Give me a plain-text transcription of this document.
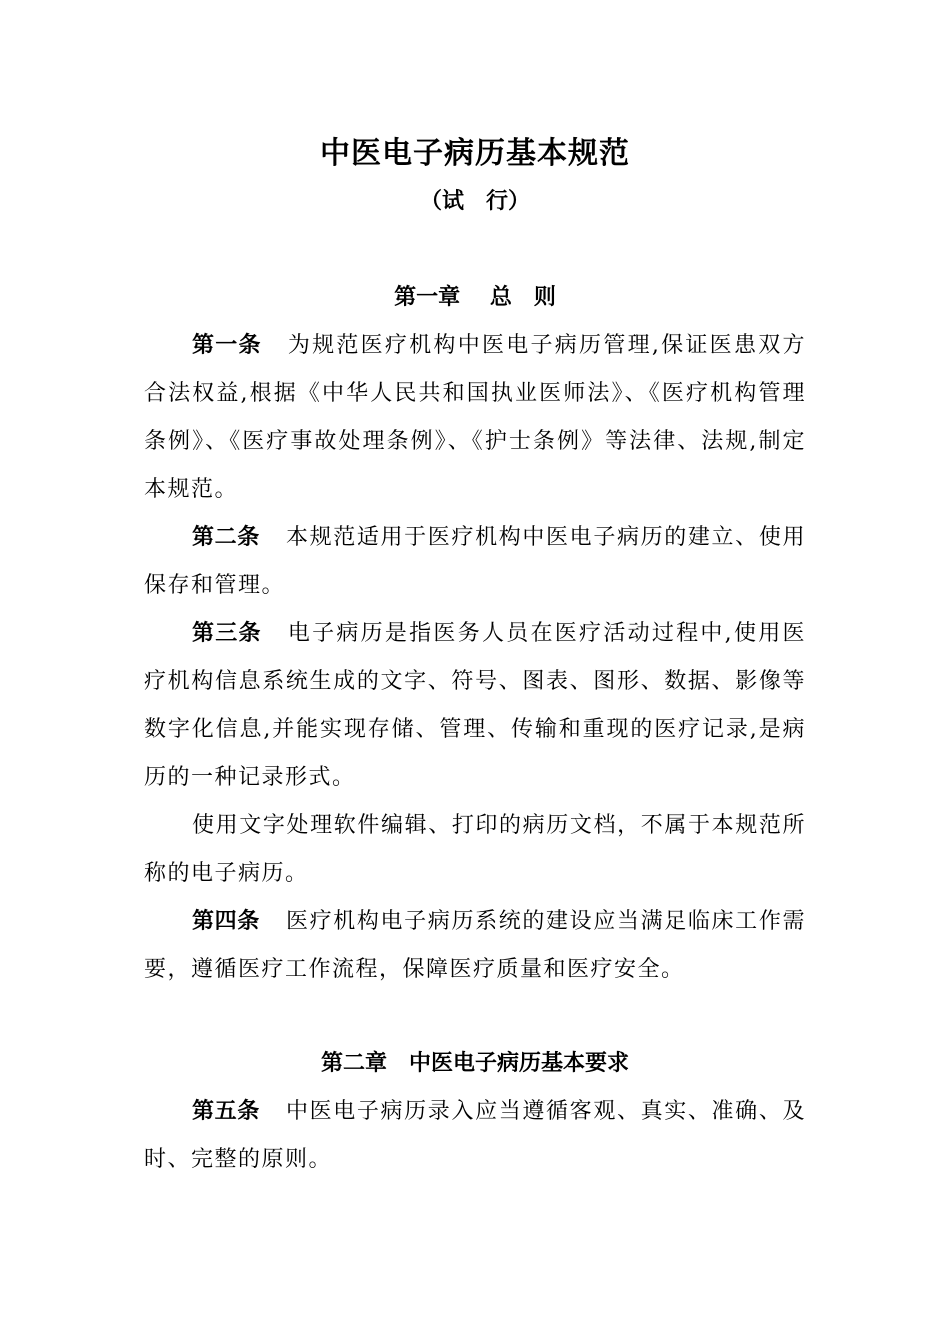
中医电子病历基本规范
（试　行）
第一章　 总　则

第一条 为规范医疗机构中医电子病历管理,保证医患双方合法权益,根据《中华人民共和国执业医师法》、《医疗机构管理条例》、《医疗事故处理条例》、《护士条例》等法律、法规,制定本规范。

第二条 本规范适用于医疗机构中医电子病历的建立、使用保存和管理。

第三条 电子病历是指医务人员在医疗活动过程中,使用医疗机构信息系统生成的文字、符号、图表、图形、数据、影像等数字化信息,并能实现存储、管理、传输和重现的医疗记录,是病历的一种记录形式。

使用文字处理软件编辑、打印的病历文档，不属于本规范所称的电子病历。

第四条 医疗机构电子病历系统的建设应当满足临床工作需要，遵循医疗工作流程，保障医疗质量和医疗安全。

第二章　中医电子病历基本要求

第五条 中医电子病历录入应当遵循客观、真实、准确、及时、完整的原则。
